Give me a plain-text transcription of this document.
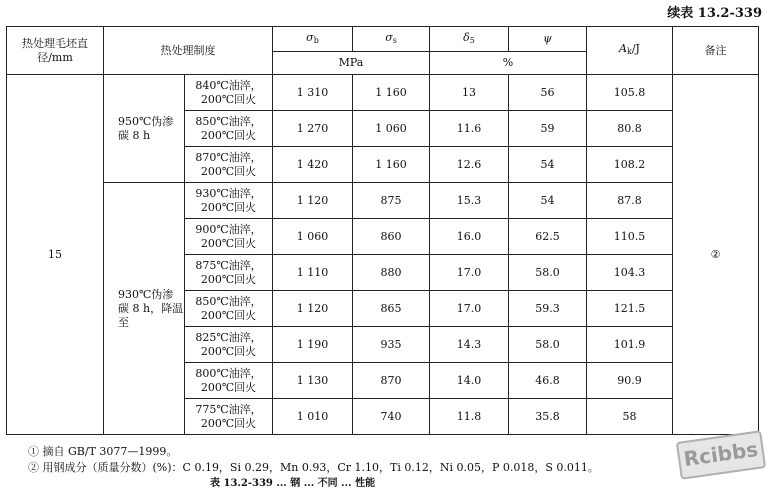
续表 13.2-339
热处理毛坯直径/mm	热处理制度		$\sigma_b$	$\sigma_s$	$\delta_5$	ψ	$A_k/J$	备注
			MPa		%			
15	950℃伪渗碳 8 h	840℃油淬，200℃回火	1 310	1 160	13	56	105.8	②
		850℃油淬，200℃回火	1 270	1 060	11.6	59	80.8	
		870℃油淬，200℃回火	1 420	1 160	12.6	54	108.2	
	930℃伪渗碳 8 h，降温至	930℃油淬，200℃回火	1 120	875	15.3	54	87.8	
		900℃油淬，200℃回火	1 060	860	16.0	62.5	110.5	
		875℃油淬，200℃回火	1 110	880	17.0	58.0	104.3	
		850℃油淬，200℃回火	1 120	865	17.0	59.3	121.5	
		825℃油淬，200℃回火	1 190	935	14.3	58.0	101.9	
		800℃油淬，200℃回火	1 130	870	14.0	46.8	90.9	
		775℃油淬，200℃回火	1 010	740	11.8	35.8	58	
① 摘自 GB/T 3077—1999。
② 用钢成分（质量分数）(%)：C 0.19，Si 0.29，Mn 0.93，Cr 1.10，Ti 0.12，Ni 0.05，P 0.018，S 0.011。
表 13.2-339 ... 钢 ... 不同 ... 性能
Rcibbs
